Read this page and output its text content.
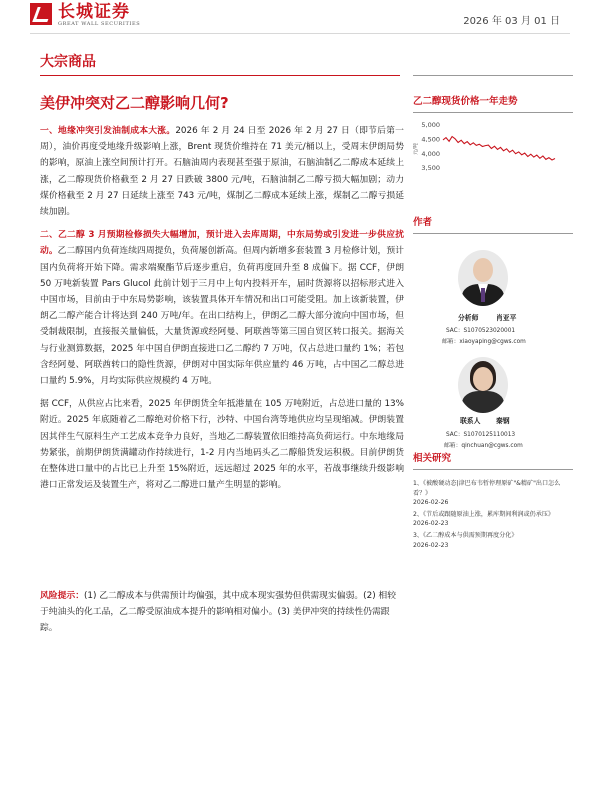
长城证券
GREAT WALL SECURITIES	2026 年 03 月 01 日
大宗商品
美伊冲突对乙二醇影响几何?

一、地缘冲突引发油制成本大涨。2026 年 2 月 24 日至 2026 年 2 月 27 日（即节后第一周），油价再度受地缘升级影响上涨，Brent 现货价维持在 71 美元/桶以上，受周末伊朗局势的影响，原油上涨空间预计打开。石脑油周内表现甚至强于原油，石脑油制乙二醇成本延续上涨，乙二醇现货价格截至 2 月 27 日跌破 3800 元/吨，石脑油制乙二醇亏损大幅加剧；动力煤价格截至 2 月 27 日延续上涨至 743 元/吨，煤制乙二醇成本延续上涨，煤制乙二醇亏损延续加剧。

二、乙二醇 3 月预期检修损失大幅增加，预计进入去库周期，中东局势或引发进一步供应扰动。乙二醇国内负荷连续四周提负，负荷屡创新高。但周内新增多套装置 3 月检修计划，预计国内负荷将开始下降。需求端聚酯节后逐步重启，负荷再度回升至 8 成偏下。据 CCF，伊朗 50 万吨新装置 Pars Glucol 此前计划于三月中上旬内投料开车，届时货源将以招标形式进入中国市场，目前由于中东局势影响，该装置具体开车情况和出口可能受阻。加上该新装置，伊朗乙二醇产能合计将达到 240 万吨/年。在出口结构上，伊朗乙二醇大部分流向中国市场，但受制裁限制，直接报关量偏低，大量货源或经阿曼、阿联酋等第三国自贸区转口报关。据海关与行业测算数据，2025 年中国自伊朗直接进口乙二醇约 7 万吨，仅占总进口量约 1%；若包含经阿曼、阿联酋转口的隐性货源，伊朗对中国实际年供应量约 46 万吨，占中国乙二醇总进口量约 5.9%，月均实际供应规模约 4 万吨。

据 CCF，从供应占比来看，2025 年伊朗货全年抵港量在 105 万吨附近，占总进口量的 13%附近。2025 年底随着乙二醇绝对价格下行，沙特、中国台湾等地供应均呈现缩减。伊朗装置因其伴生气原料生产工艺成本竞争力良好，当地乙二醇装置依旧维持高负荷运行。中东地缘局势紧张，前期伊朗货满罐动作持续进行，1-2 月内当地码头乙二醇船货发运积极。目前伊朗货在整体进口量中的占比已上升至 15%附近，远远超过 2025 年的水平，若战事继续升级影响港口正常发运及装置生产，将对乙二醇进口量产生明显的影响。

风险提示：(1) 乙二醇成本与供需预计均偏强，其中成本现实强势但供需现实偏弱。(2) 相较于纯油头的化工品，乙二醇受原油成本提升的影响相对偏小。(3) 美伊冲突的持续性仍需跟踪。
乙二醇现货价格一年走势
5,000
4,500
4,000
3,500
元/吨
作者
分析师	肖亚平
SAC：S1070523020001
邮箱：xiaoyaping@cgws.com
联系人 秦钢
SAC：S1070125110013
邮箱：qinchuan@cgws.com
相关研究
1、《被酸硬动态|津巴布韦暂停理原矿"&精矿"出口怎么看？》
2026-02-26
2、《节后或跟随原油上涨，累库期间利润或仍承压》
2026-02-23
3、《乙二醇成本与供需预期再度分化》
2026-02-23
